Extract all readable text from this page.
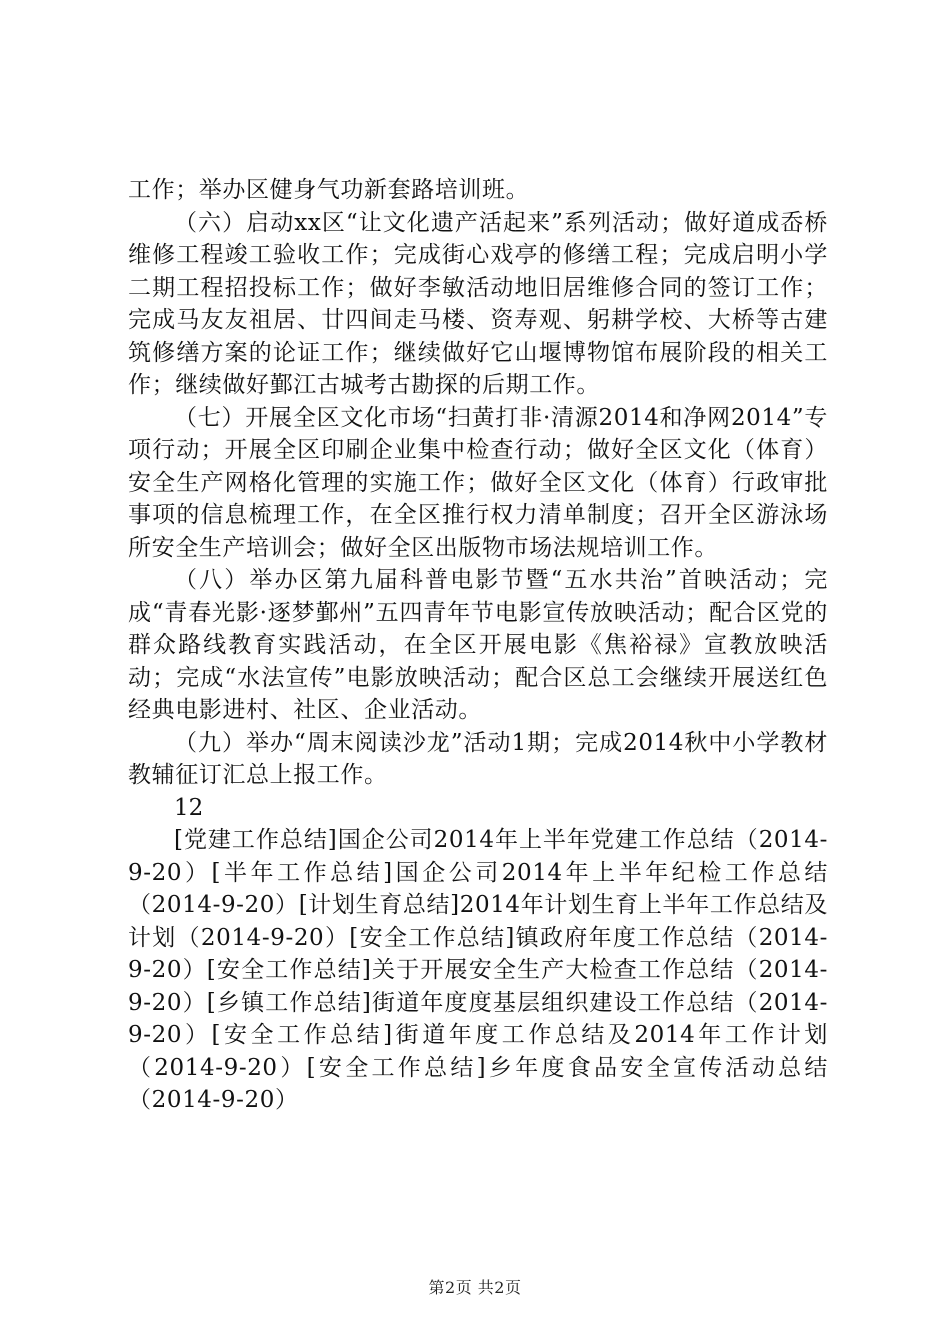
工作；举办区健身气功新套路培训班。

（六）启动xx区“让文化遗产活起来”系列活动；做好道成岙桥维修工程竣工验收工作；完成街心戏亭的修缮工程；完成启明小学二期工程招投标工作；做好李敏活动地旧居维修合同的签订工作；完成马友友祖居、廿四间走马楼、资寿观、躬耕学校、大桥等古建筑修缮方案的论证工作；继续做好它山堰博物馆布展阶段的相关工作；继续做好鄞江古城考古勘探的后期工作。

（七）开展全区文化市场“扫黄打非·清源2014和净网2014”专项行动；开展全区印刷企业集中检查行动；做好全区文化（体育）安全生产网格化管理的实施工作；做好全区文化（体育）行政审批事项的信息梳理工作，在全区推行权力清单制度；召开全区游泳场所安全生产培训会；做好全区出版物市场法规培训工作。

（八）举办区第九届科普电影节暨“五水共治”首映活动；完成“青春光影·逐梦鄞州”五四青年节电影宣传放映活动；配合区党的群众路线教育实践活动，在全区开展电影《焦裕禄》宣教放映活动；完成“水法宣传”电影放映活动；配合区总工会继续开展送红色经典电影进村、社区、企业活动。

（九）举办“周末阅读沙龙”活动1期；完成2014秋中小学教材教辅征订汇总上报工作。

12

[党建工作总结]国企公司2014年上半年党建工作总结（2014-9-20）[半年工作总结]国企公司2014年上半年纪检工作总结（2014-9-20）[计划生育总结]2014年计划生育上半年工作总结及计划（2014-9-20）[安全工作总结]镇政府年度工作总结（2014-9-20）[安全工作总结]关于开展安全生产大检查工作总结（2014-9-20）[乡镇工作总结]街道年度度基层组织建设工作总结（2014-9-20）[安全工作总结]街道年度工作总结及2014年工作计划（2014-9-20）[安全工作总结]乡年度食品安全宣传活动总结（2014-9-20）

第2页 共2页
